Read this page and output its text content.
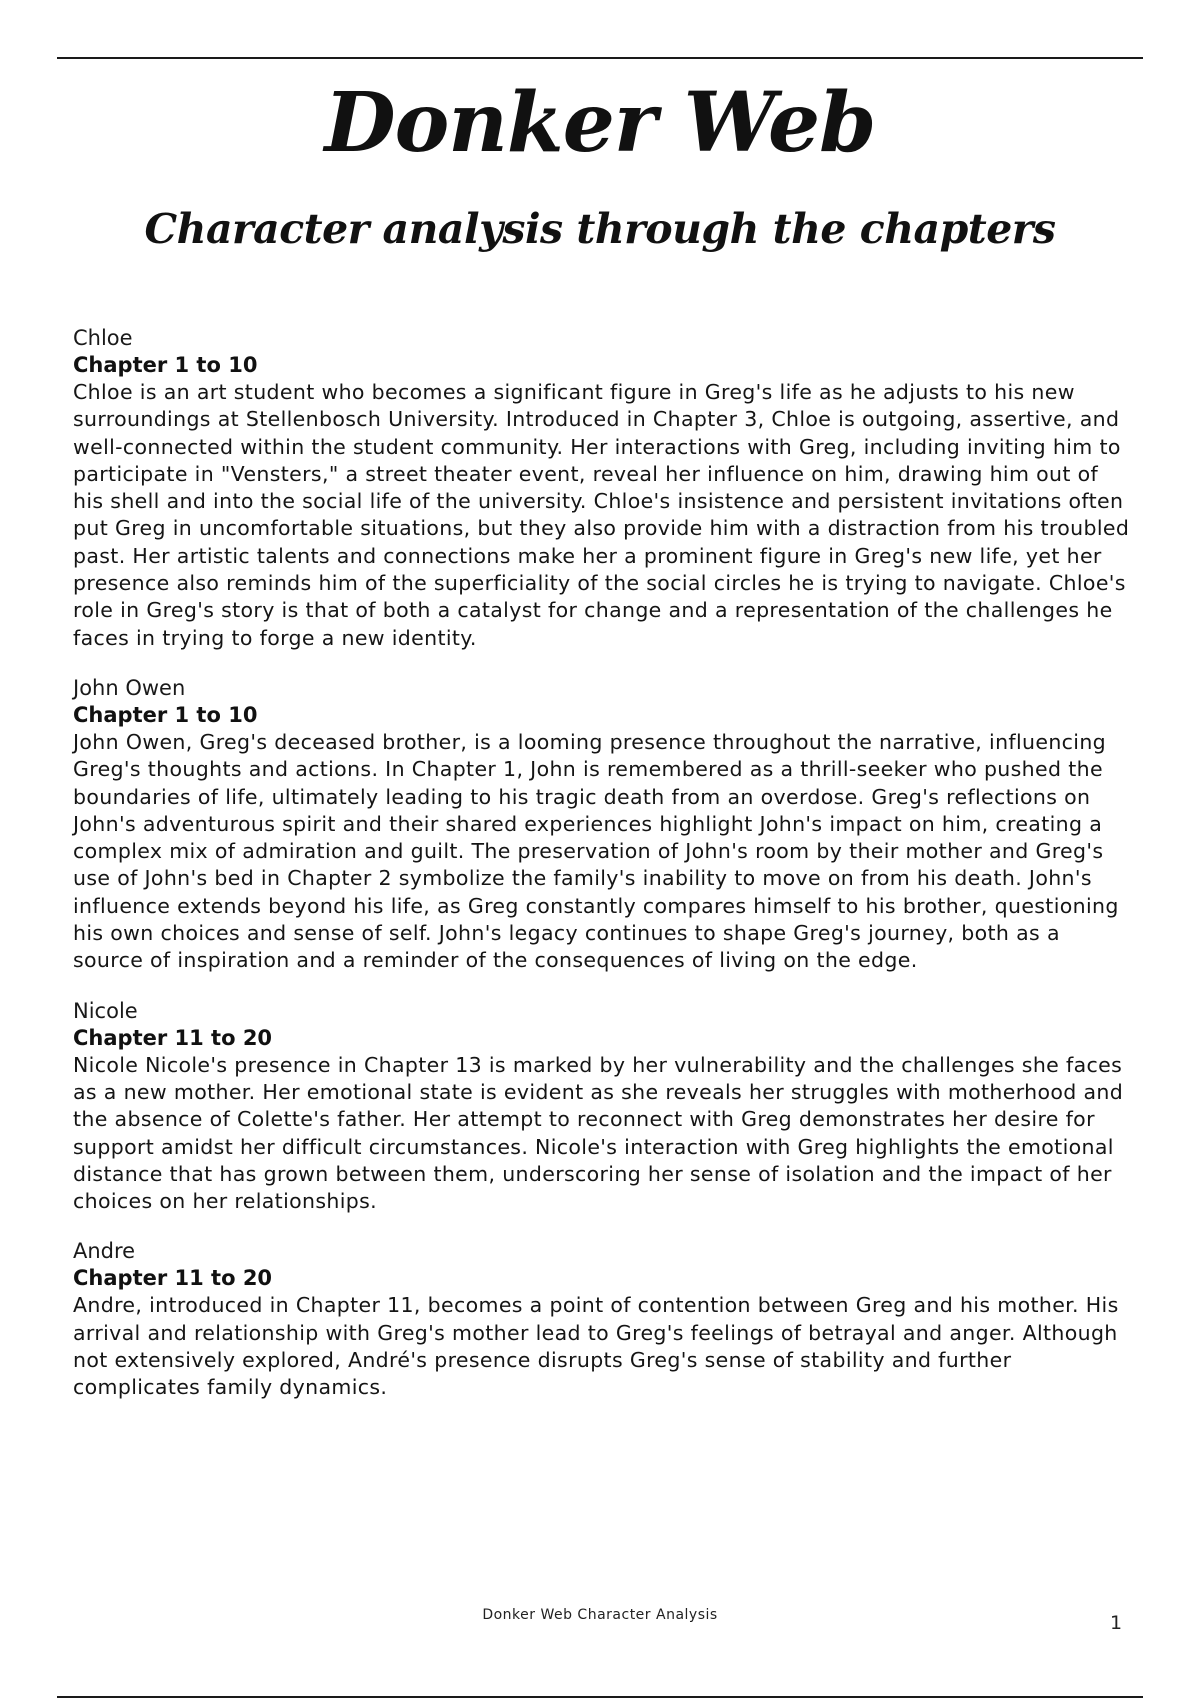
Donker Web
Character analysis through the chapters
Chloe
Chapter 1 to 10

Chloe is an art student who becomes a significant figure in Greg's life as he adjusts to his new surroundings at Stellenbosch University. Introduced in Chapter 3, Chloe is outgoing, assertive, and well-connected within the student community. Her interactions with Greg, including inviting him to participate in "Vensters," a street theater event, reveal her influence on him, drawing him out of his shell and into the social life of the university. Chloe's insistence and persistent invitations often put Greg in uncomfortable situations, but they also provide him with a distraction from his troubled past. Her artistic talents and connections make her a prominent figure in Greg's new life, yet her presence also reminds him of the superficiality of the social circles he is trying to navigate. Chloe's role in Greg's story is that of both a catalyst for change and a representation of the challenges he faces in trying to forge a new identity.

John Owen
Chapter 1 to 10

John Owen, Greg's deceased brother, is a looming presence throughout the narrative, influencing Greg's thoughts and actions. In Chapter 1, John is remembered as a thrill-seeker who pushed the boundaries of life, ultimately leading to his tragic death from an overdose. Greg's reflections on John's adventurous spirit and their shared experiences highlight John's impact on him, creating a complex mix of admiration and guilt. The preservation of John's room by their mother and Greg's use of John's bed in Chapter 2 symbolize the family's inability to move on from his death. John's influence extends beyond his life, as Greg constantly compares himself to his brother, questioning his own choices and sense of self. John's legacy continues to shape Greg's journey, both as a source of inspiration and a reminder of the consequences of living on the edge.

Nicole
Chapter 11 to 20

Nicole Nicole's presence in Chapter 13 is marked by her vulnerability and the challenges she faces as a new mother. Her emotional state is evident as she reveals her struggles with motherhood and the absence of Colette's father. Her attempt to reconnect with Greg demonstrates her desire for support amidst her difficult circumstances. Nicole's interaction with Greg highlights the emotional distance that has grown between them, underscoring her sense of isolation and the impact of her choices on her relationships.

Andre
Chapter 11 to 20

Andre, introduced in Chapter 11, becomes a point of contention between Greg and his mother. His arrival and relationship with Greg's mother lead to Greg's feelings of betrayal and anger. Although not extensively explored, André's presence disrupts Greg's sense of stability and further complicates family dynamics.

Donker Web Character Analysis	1
